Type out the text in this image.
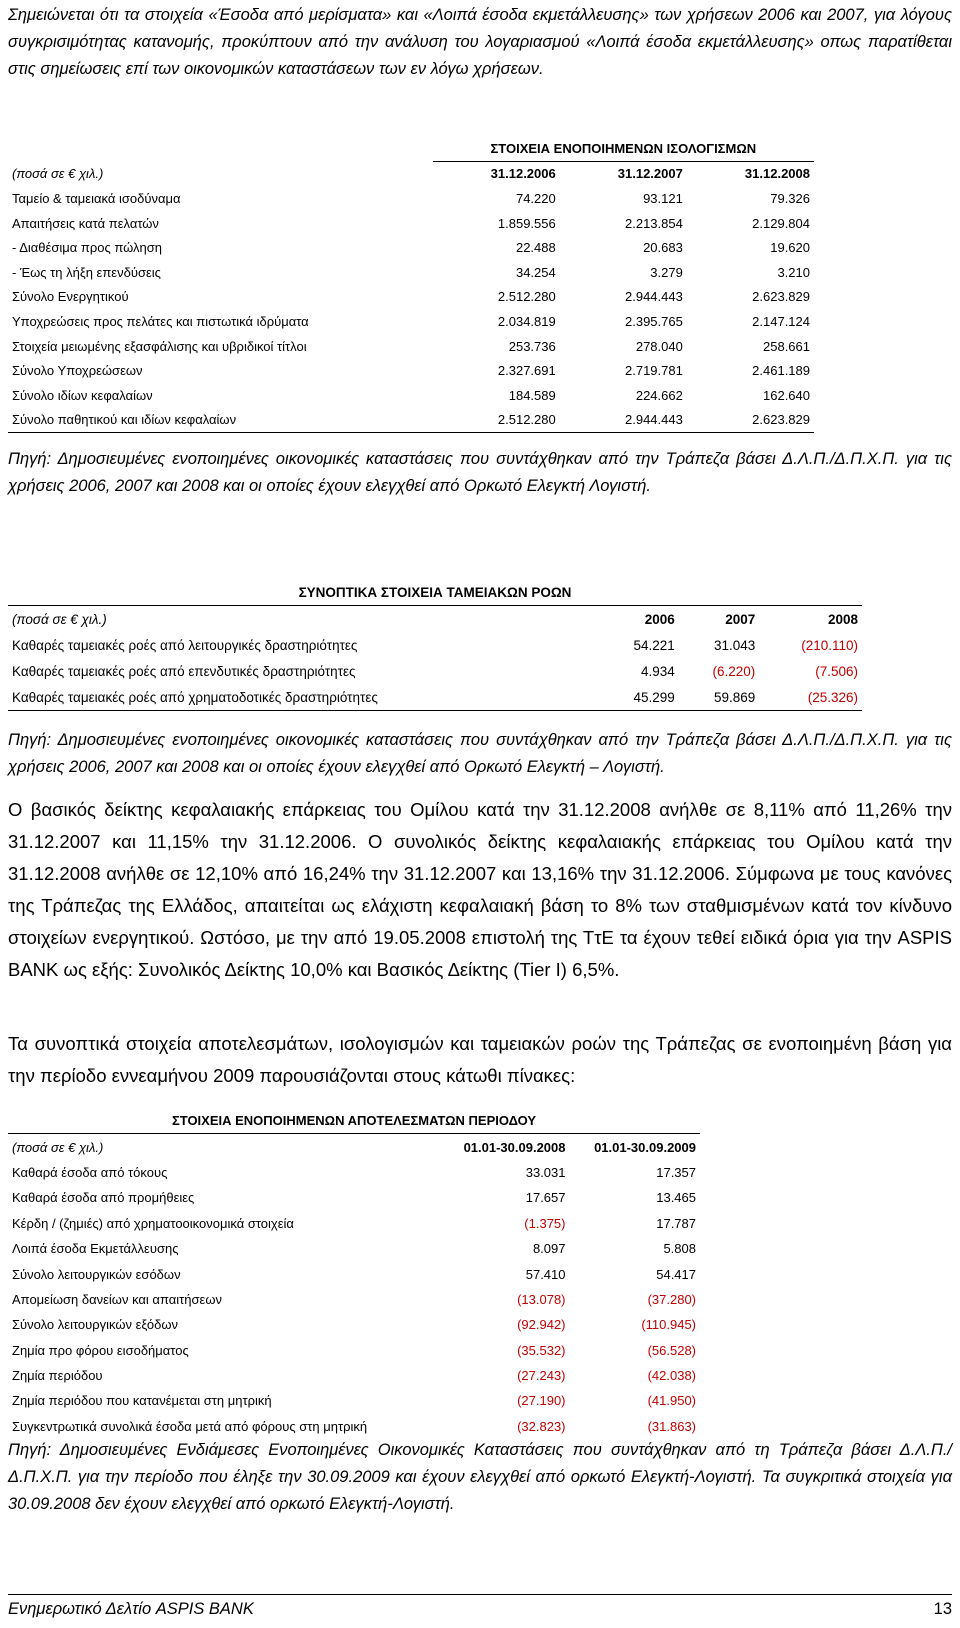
Σημειώνεται ότι τα στοιχεία «Έσοδα από μερίσματα» και «Λοιπά έσοδα εκμετάλλευσης» των χρήσεων 2006 και 2007, για λόγους συγκρισιμότητας κατανομής, προκύπτουν από την ανάλυση του λογαριασμού «Λοιπά έσοδα εκμετάλλευσης» οπως παρατίθεται στις σημείωσεις επί των οικονομικών καταστάσεων των εν λόγω χρήσεων.

	ΣΤΟΙΧΕΙΑ ΕΝΟΠΟΙΗΜΕΝΩΝ ΙΣΟΛΟΓΙΣΜΩΝ		
(ποσά σε € χιλ.)	31.12.2006	31.12.2007	31.12.2008
Ταμείο & ταμειακά ισοδύναμα	74.220	93.121	79.326
Απαιτήσεις κατά πελατών	1.859.556	2.213.854	2.129.804
- Διαθέσιμα προς πώληση	22.488	20.683	19.620
- Έως τη λήξη επενδύσεις	34.254	3.279	3.210
Σύνολο Ενεργητικού	2.512.280	2.944.443	2.623.829
Υποχρεώσεις προς πελάτες και πιστωτικά ιδρύματα	2.034.819	2.395.765	2.147.124
Στοιχεία μειωμένης εξασφάλισης και υβριδικοί τίτλοι	253.736	278.040	258.661
Σύνολο Υποχρεώσεων	2.327.691	2.719.781	2.461.189
Σύνολο ιδίων κεφαλαίων	184.589	224.662	162.640
Σύνολο παθητικού και ιδίων κεφαλαίων	2.512.280	2.944.443	2.623.829

Πηγή: Δημοσιευμένες ενοποιημένες οικονομικές καταστάσεις που συντάχθηκαν από την Τράπεζα βάσει Δ.Λ.Π./Δ.Π.Χ.Π. για τις χρήσεις 2006, 2007 και 2008 και οι οποίες έχουν ελεγχθεί από Ορκωτό Ελεγκτή Λογιστή.

ΣΥΝΟΠΤΙΚΑ ΣΤΟΙΧΕΙΑ ΤΑΜΕΙΑΚΩΝ ΡΟΩΝ			
(ποσά σε € χιλ.)	2006	2007	2008
Καθαρές ταμειακές ροές από λειτουργικές δραστηριότητες	54.221	31.043	(210.110)
Καθαρές ταμειακές ροές από επενδυτικές δραστηριότητες	4.934	(6.220)	(7.506)
Καθαρές ταμειακές ροές από χρηματοδοτικές δραστηριότητες	45.299	59.869	(25.326)

Πηγή: Δημοσιευμένες ενοποιημένες οικονομικές καταστάσεις που συντάχθηκαν από την Τράπεζα βάσει Δ.Λ.Π./Δ.Π.Χ.Π. για τις χρήσεις 2006, 2007 και 2008 και οι οποίες έχουν ελεγχθεί από Ορκωτό Ελεγκτή – Λογιστή.

Ο βασικός δείκτης κεφαλαιακής επάρκειας του Ομίλου κατά την 31.12.2008 ανήλθε σε 8,11% από 11,26% την 31.12.2007 και 11,15% την 31.12.2006. Ο συνολικός δείκτης κεφαλαιακής επάρκειας του Ομίλου κατά την 31.12.2008 ανήλθε σε 12,10% από 16,24% την 31.12.2007 και 13,16% την 31.12.2006. Σύμφωνα με τους κανόνες της Τράπεζας της Ελλάδος, απαιτείται ως ελάχιστη κεφαλαιακή βάση το 8% των σταθμισμένων κατά τον κίνδυνο στοιχείων ενεργητικού. Ωστόσο, με την από 19.05.2008 επιστολή της ΤτΕ τα έχουν τεθεί ειδικά όρια για την ASPIS BANK ως εξής: Συνολικός Δείκτης 10,0% και Βασικός Δείκτης (Tier I) 6,5%.

Τα συνοπτικά στοιχεία αποτελεσμάτων, ισολογισμών και ταμειακών ροών της Τράπεζας σε ενοποιημένη βάση για την περίοδο εννεαμήνου 2009 παρουσιάζονται στους κάτωθι πίνακες:

ΣΤΟΙΧΕΙΑ ΕΝΟΠΟΙΗΜΕΝΩΝ ΑΠΟΤΕΛΕΣΜΑΤΩΝ ΠΕΡΙΟΔΟΥ		
(ποσά σε € χιλ.)	01.01-30.09.2008	01.01-30.09.2009
Καθαρά έσοδα από τόκους	33.031	17.357
Καθαρά έσοδα από προμήθειες	17.657	13.465
Κέρδη / (ζημιές) από χρηματοοικονομικά στοιχεία	(1.375)	17.787
Λοιπά έσοδα Εκμετάλλευσης	8.097	5.808
Σύνολο λειτουργικών εσόδων	57.410	54.417
Απομείωση δανείων και απαιτήσεων	(13.078)	(37.280)
Σύνολο λειτουργικών εξόδων	(92.942)	(110.945)
Ζημία προ φόρου εισοδήματος	(35.532)	(56.528)
Ζημία περιόδου	(27.243)	(42.038)
Ζημία περιόδου που κατανέμεται στη μητρική	(27.190)	(41.950)
Συγκεντρωτικά συνολικά έσοδα μετά από φόρους στη μητρική	(32.823)	(31.863)

Πηγή: Δημοσιευμένες Ενδιάμεσες Ενοποιημένες Οικονομικές Καταστάσεις που συντάχθηκαν από τη Τράπεζα βάσει Δ.Λ.Π./Δ.Π.Χ.Π. για την περίοδο που έληξε την 30.09.2009 και έχουν ελεγχθεί από ορκωτό Ελεγκτή-Λογιστή. Τα συγκριτικά στοιχεία για 30.09.2008 δεν έχουν ελεγχθεί από ορκωτό Ελεγκτή-Λογιστή.

Ενημερωτικό Δελτίο ASPIS BANK	13
